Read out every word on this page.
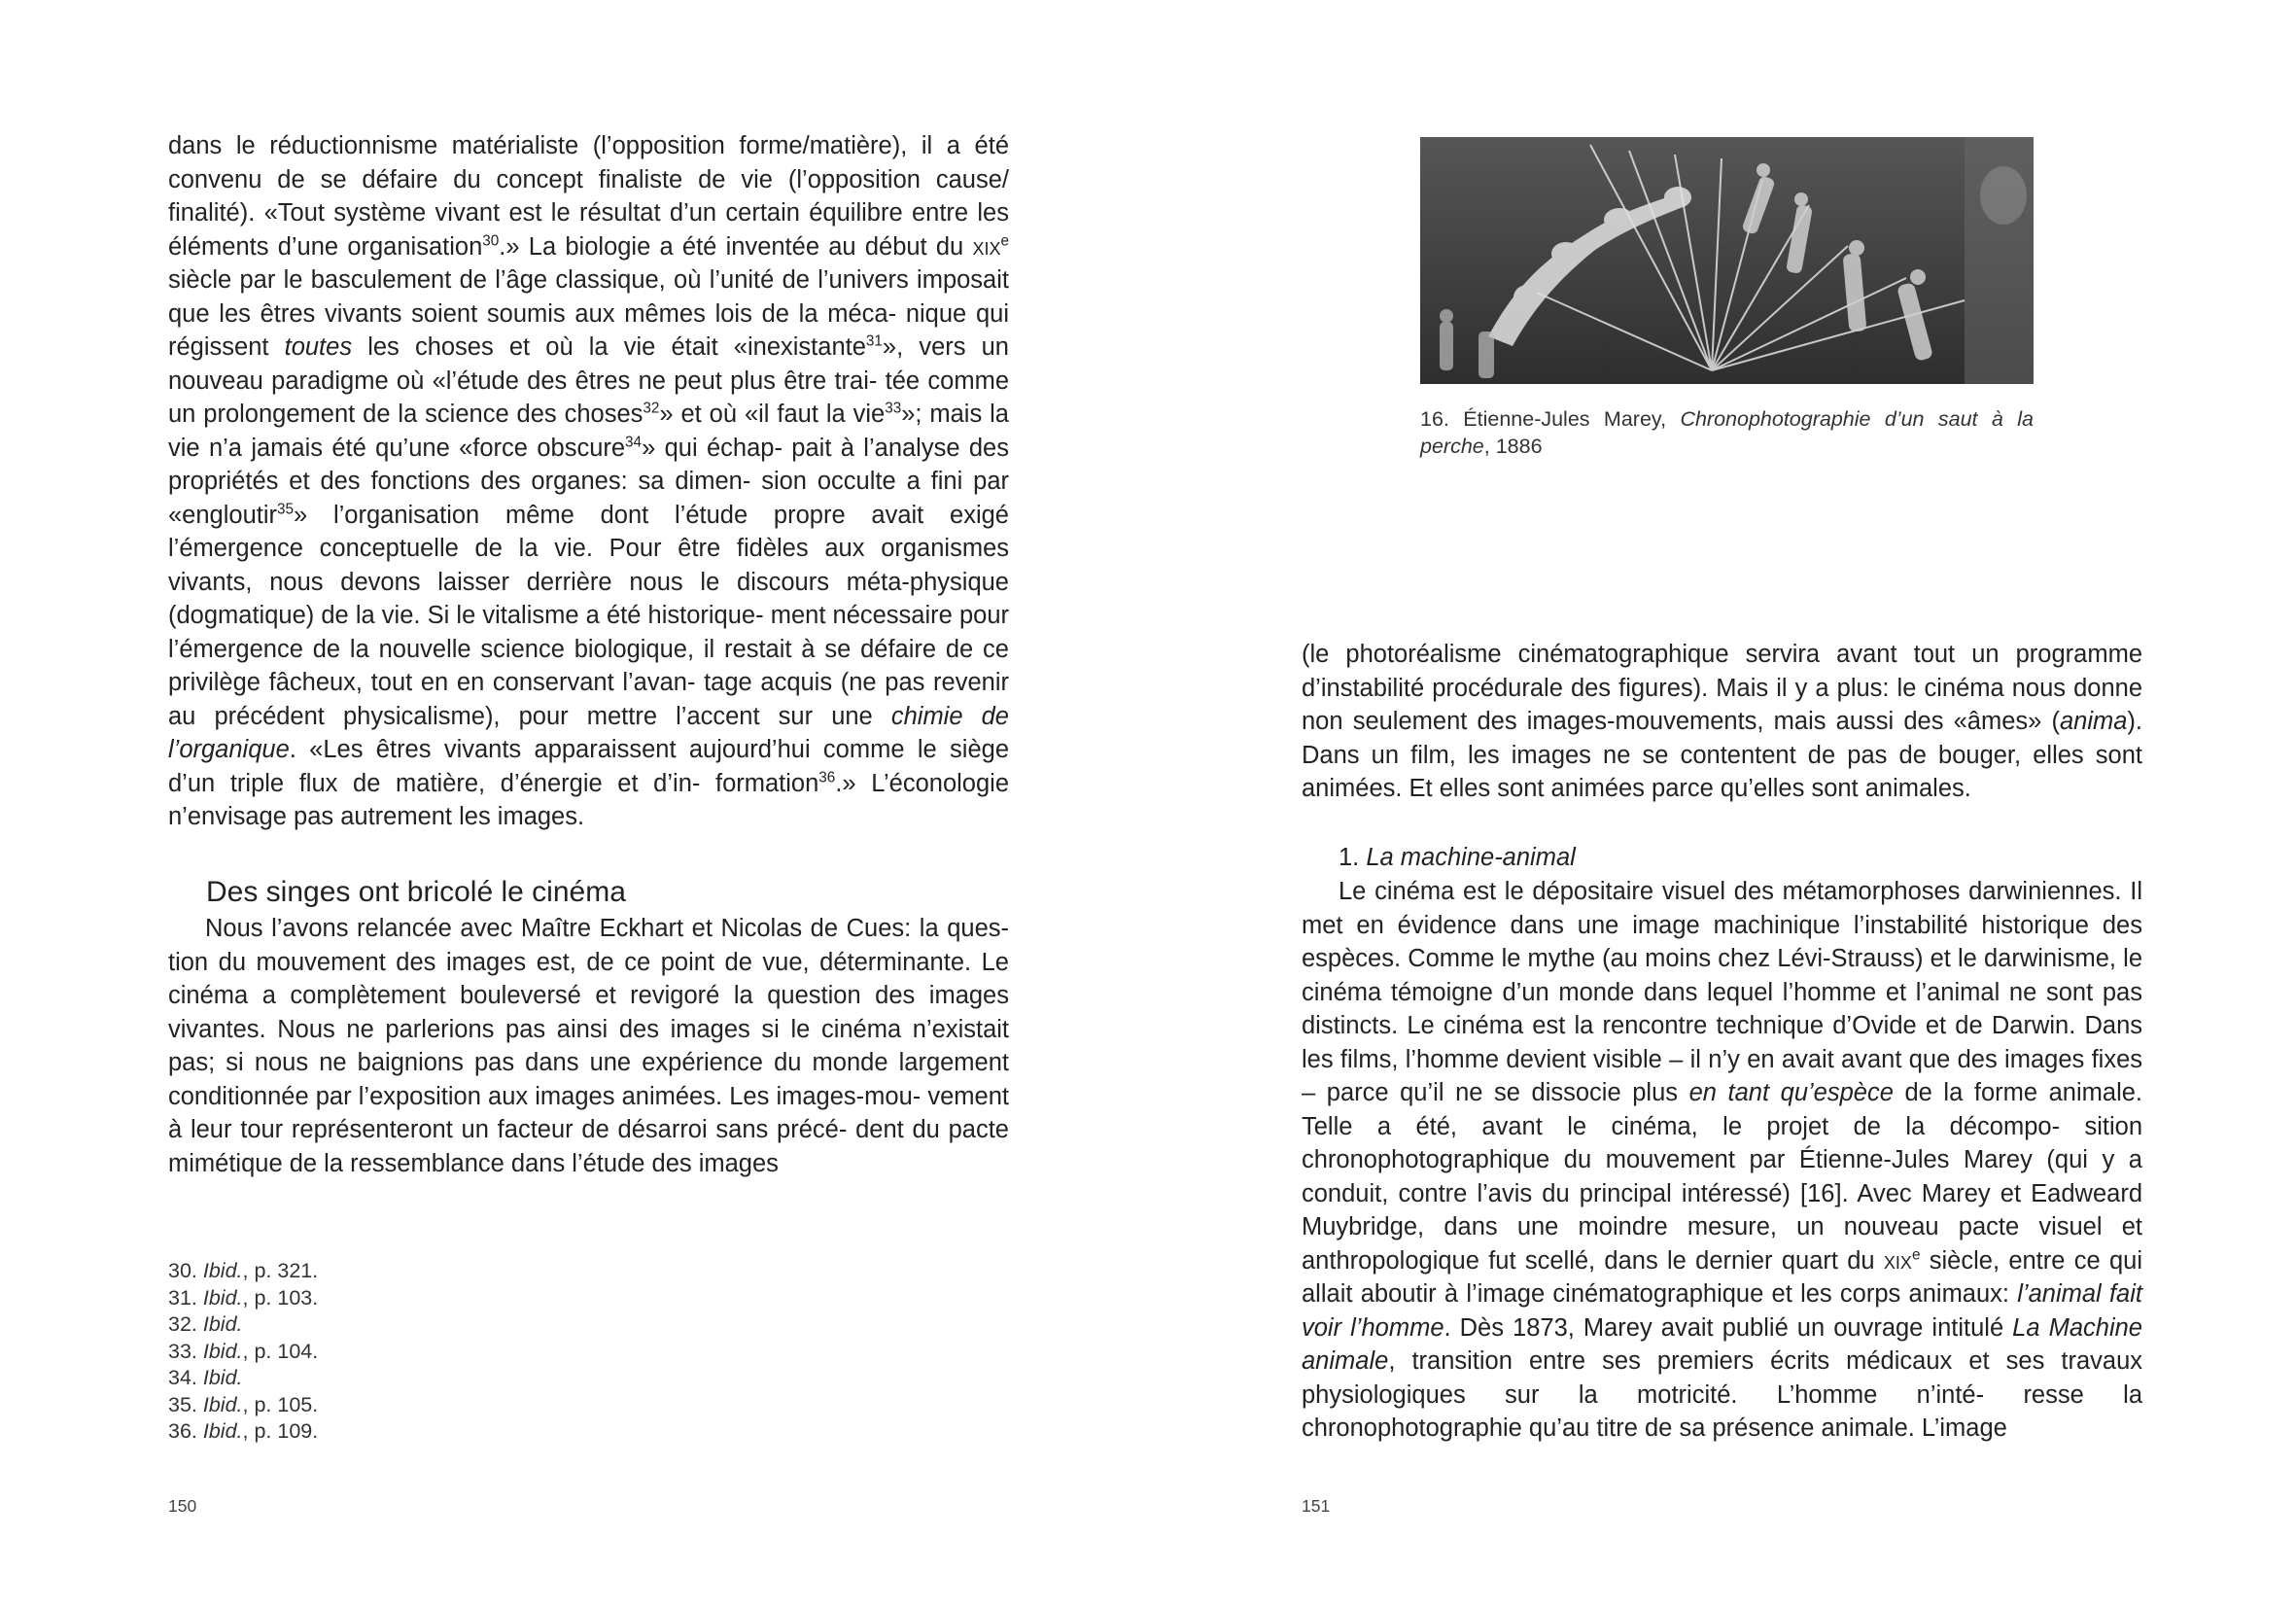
dans le réductionnisme matérialiste (l’opposition forme/matière), il a été convenu de se défaire du concept finaliste de vie (l’opposition cause/ finalité). «Tout système vivant est le résultat d’un certain équilibre entre les éléments d’une organisation$^{30}$.» La biologie a été inventée au début du xix$^e$ siècle par le basculement de l’âge classique, où l’unité de l’univers imposait que les êtres vivants soient soumis aux mêmes lois de la méca- nique qui régissent toutes les choses et où la vie était «inexistante$^{31}$», vers un nouveau paradigme où «l’étude des êtres ne peut plus être trai- tée comme un prolongement de la science des choses$^{32}$» et où «il faut la vie$^{33}$»; mais la vie n’a jamais été qu’une «force obscure$^{34}$» qui échap- pait à l’analyse des propriétés et des fonctions des organes: sa dimen- sion occulte a fini par «engloutir$^{35}$» l’organisation même dont l’étude propre avait exigé l’émergence conceptuelle de la vie. Pour être fidèles aux organismes vivants, nous devons laisser derrière nous le discours méta-physique (dogmatique) de la vie. Si le vitalisme a été historique- ment nécessaire pour l’émergence de la nouvelle science biologique, il restait à se défaire de ce privilège fâcheux, tout en en conservant l’avan- tage acquis (ne pas revenir au précédent physicalisme), pour mettre l’accent sur une chimie de l’organique. «Les êtres vivants apparaissent aujourd’hui comme le siège d’un triple flux de matière, d’énergie et d’in- formation$^{36}$.» L’éconologie n’envisage pas autrement les images.

Des singes ont bricolé le cinéma

Nous l’avons relancée avec Maître Eckhart et Nicolas de Cues: la ques- tion du mouvement des images est, de ce point de vue, déterminante. Le cinéma a complètement bouleversé et revigoré la question des images vivantes. Nous ne parlerions pas ainsi des images si le cinéma n’existait pas; si nous ne baignions pas dans une expérience du monde largement conditionnée par l’exposition aux images animées. Les images-mou- vement à leur tour représenteront un facteur de désarroi sans précé- dent du pacte mimétique de la ressemblance dans l’étude des images

30. Ibid., p. 321.
31. Ibid., p. 103.
32. Ibid.
33. Ibid., p. 104.
34. Ibid.
35. Ibid., p. 105.
36. Ibid., p. 109.

150

16. Étienne-Jules Marey, Chronophotographie d’un saut à la perche, 1886

(le photoréalisme cinématographique servira avant tout un programme d’instabilité procédurale des figures). Mais il y a plus: le cinéma nous donne non seulement des images-mouvements, mais aussi des «âmes» (anima). Dans un film, les images ne se contentent de pas de bouger, elles sont animées. Et elles sont animées parce qu’elles sont animales.

1. La machine-animal

Le cinéma est le dépositaire visuel des métamorphoses darwiniennes. Il met en évidence dans une image machinique l’instabilité historique des espèces. Comme le mythe (au moins chez Lévi-Strauss) et le darwinisme, le cinéma témoigne d’un monde dans lequel l’homme et l’animal ne sont pas distincts. Le cinéma est la rencontre technique d’Ovide et de Darwin. Dans les films, l’homme devient visible – il n’y en avait avant que des images fixes – parce qu’il ne se dissocie plus en tant qu’espèce de la forme animale. Telle a été, avant le cinéma, le projet de la décompo- sition chronophotographique du mouvement par Étienne-Jules Marey (qui y a conduit, contre l’avis du principal intéressé) [16]. Avec Marey et Eadweard Muybridge, dans une moindre mesure, un nouveau pacte visuel et anthropologique fut scellé, dans le dernier quart du xix$^e$ siècle, entre ce qui allait aboutir à l’image cinématographique et les corps animaux: l’animal fait voir l’homme. Dès 1873, Marey avait publié un ouvrage intitulé La Machine animale, transition entre ses premiers écrits médicaux et ses travaux physiologiques sur la motricité. L’homme n’inté- resse la chronophotographie qu’au titre de sa présence animale. L’image

151
